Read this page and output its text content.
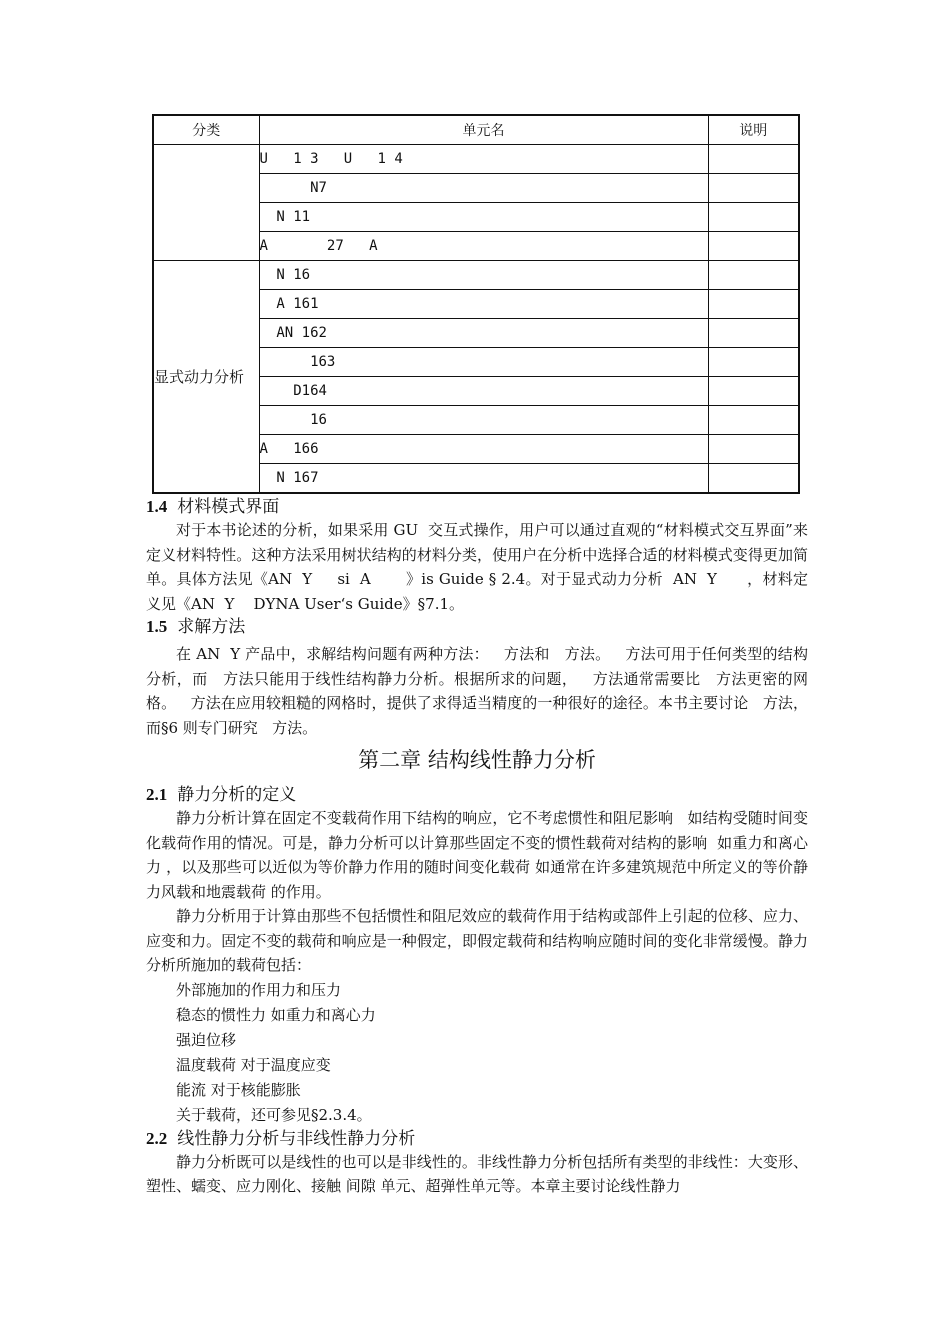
分类	单元名	说明
	U   1 3   U   1 4	
	N7	
	N 11	
	A       27   A	
显式动力分析	N 16	
	A 161	
	AN 162	
	163	
	D164	
	16	
	A   166	
	N 167	
1.4 材料模式界面

对于本书论述的分析，如果采用 GU  交互式操作，用户可以通过直观的“材料模式交互界面”来定义材料特性。这种方法采用树状结构的材料分类，使用户在分析中选择合适的材料模式变得更加简单。具体方法见《AN  Y     si  A       》is Guide § 2.4。对于显式动力分析  AN  Y      ，材料定义见《AN  Y    DYNA User‘s Guide》§7.1。

1.5 求解方法

在 AN  Y 产品中，求解结构问题有两种方法：   方法和   方法。   方法可用于任何类型的结构分析，而   方法只能用于线性结构静力分析。根据所求的问题，   方法通常需要比   方法更密的网格。   方法在应用较粗糙的网格时，提供了求得适当精度的一种很好的途径。本书主要讨论   方法，而§6 则专门研究   方法。

第二章 结构线性静力分析
2.1 静力分析的定义

静力分析计算在固定不变载荷作用下结构的响应，它不考虑惯性和阻尼影响   如结构受随时间变化载荷作用的情况。可是，静力分析可以计算那些固定不变的惯性载荷对结构的影响  如重力和离心力 ，以及那些可以近似为等价静力作用的随时间变化载荷 如通常在许多建筑规范中所定义的等价静力风载和地震载荷 的作用。

静力分析用于计算由那些不包括惯性和阻尼效应的载荷作用于结构或部件上引起的位移、应力、应变和力。固定不变的载荷和响应是一种假定，即假定载荷和结构响应随时间的变化非常缓慢。静力分析所施加的载荷包括：

外部施加的作用力和压力

稳态的惯性力 如重力和离心力

强迫位移

温度载荷 对于温度应变

能流 对于核能膨胀

关于载荷，还可参见§2.3.4。

2.2 线性静力分析与非线性静力分析

静力分析既可以是线性的也可以是非线性的。非线性静力分析包括所有类型的非线性：大变形、塑性、蠕变、应力刚化、接触 间隙 单元、超弹性单元等。本章主要讨论线性静力
